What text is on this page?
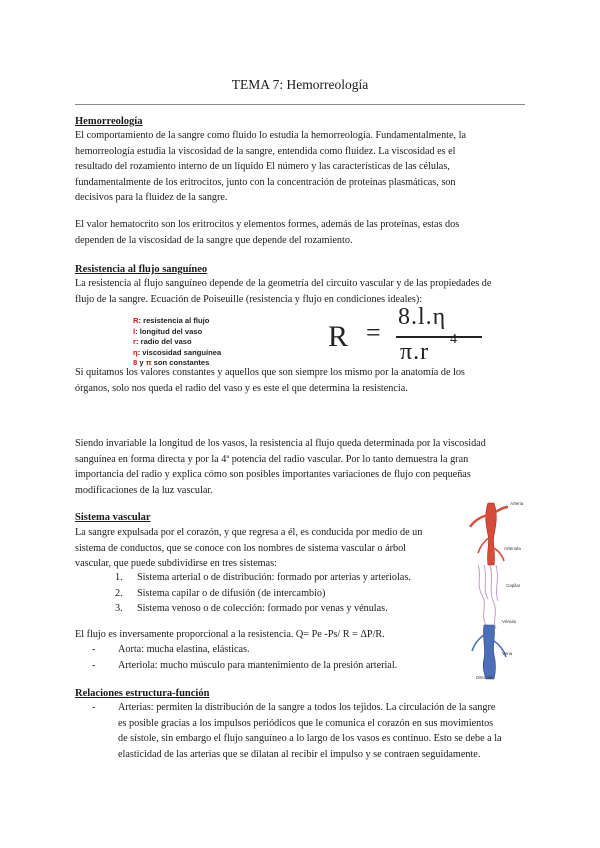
TEMA 7: Hemorreología
Hemorreología
El comportamiento de la sangre como fluido lo estudia la hemorreología. Fundamentalmente, la
hemorreología estudia la viscosidad de la sangre, entendida como fluidez. La viscosidad es el
resultado del rozamiento interno de un líquido El número y las características de las células,
fundamentalmente de los eritrocitos, junto con la concentración de proteínas plasmáticas, son
decisivos para la fluidez de la sangre.
El valor hematocrito son los eritrocitos y elementos formes, además de las proteínas, estas dos
dependen de la viscosidad de la sangre que depende del rozamiento.
Resistencia al flujo sanguíneo
La resistencia al flujo sanguíneo depende de la geometría del circuito vascular y de las propiedades de
flujo de la sangre. Ecuación de Poiseuille (resistencia y flujo en condiciones ideales):
R: resistencia al flujo
l: longitud del vaso
r: radio del vaso
η: viscosidad sanguínea
8 y π son constantes
R =
8.l.η
π.r 4
Si quitamos los valores constantes y aquellos que son siempre los mismo por la anatomía de los
órganos, solo nos queda el radio del vaso y es este el que determina la resistencia.
Siendo invariable la longitud de los vasos, la resistencia al flujo queda determinada por la viscosidad
sanguínea en forma directa y por la 4ª potencia del radio vascular. Por lo tanto demuestra la gran
importancia del radio y explica cómo son posibles importantes variaciones de flujo con pequeñas
modificaciones de la luz vascular.
Sistema vascular
La sangre expulsada por el corazón, y que regresa a él, es conducida por medio de un
sistema de conductos, que se conoce con los nombres de sistema vascular o árbol
vascular, que puede subdividirse en tres sistemas:
1. Sistema arterial o de distribución: formado por arterias y arteriolas.
2. Sistema capilar o de difusión (de intercambio)
3. Sistema venoso o de colección: formado por venas y vénulas.
El flujo es inversamente proporcional a la resistencia. Q= Pe -Ps/ R = ΔP/R.
- Aorta: mucha elastina, elásticas.
- Arteriola: mucho músculo para mantenimiento de la presión arterial.
Arteria
Arteriola
Capilar
Vénula
Vena
Dirección
Relaciones estructura-función
- Arterias: permiten la distribución de la sangre a todos los tejidos. La circulación de la sangre
es posible gracias a los impulsos periódicos que le comunica el corazón en sus movimientos
de sístole, sin embargo el flujo sanguíneo a lo largo de los vasos es continuo. Esto se debe a la
elasticidad de las arterias que se dilatan al recibir el impulso y se contraen seguidamente.
